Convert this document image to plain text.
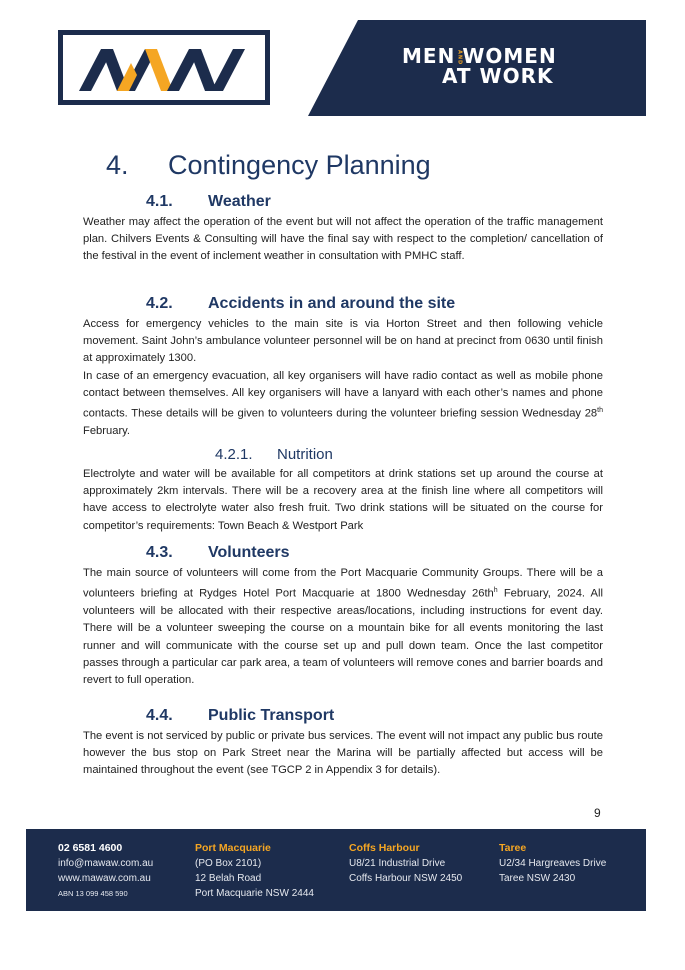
MENANDWOMEN
AT WORK
4. Contingency Planning
4.1. Weather
Weather may affect the operation of the event but will not affect the operation of the traffic management plan. Chilvers Events & Consulting will have the final say with respect to the completion/ cancellation of the festival in the event of inclement weather in consultation with PMHC staff.
4.2. Accidents in and around the site
Access for emergency vehicles to the main site is via Horton Street and then following vehicle movement. Saint John’s ambulance volunteer personnel will be on hand at precinct from 0630 until finish at approximately 1300.
In case of an emergency evacuation, all key organisers will have radio contact as well as mobile phone contact between themselves. All key organisers will have a lanyard with each other’s names and phone contacts. These details will be given to volunteers during the volunteer briefing session Wednesday 28th February.
4.2.1. Nutrition
Electrolyte and water will be available for all competitors at drink stations set up around the course at approximately 2km intervals. There will be a recovery area at the finish line where all competitors will have access to electrolyte water also fresh fruit. Two drink stations will be situated on the course for competitor’s requirements: Town Beach & Westport Park
4.3. Volunteers
The main source of volunteers will come from the Port Macquarie Community Groups. There will be a volunteers briefing at Rydges Hotel Port Macquarie at 1800 Wednesday $26th^h$ February, 2024. All volunteers will be allocated with their respective areas/locations, including instructions for event day. There will be a volunteer sweeping the course on a mountain bike for all events monitoring the last runner and will communicate with the course set up and pull down team. Once the last competitor passes through a particular car park area, a team of volunteers will remove cones and barrier boards and revert to full operation.
4.4. Public Transport
The event is not serviced by public or private bus services. The event will not impact any public bus route however the bus stop on Park Street near the Marina will be partially affected but access will be maintained throughout the event (see TGCP 2 in Appendix 3 for details).
9
02 6581 4600
info@mawaw.com.au
www.mawaw.com.au
ABN 13 099 458 590
Port Macquarie
(PO Box 2101)
12 Belah Road
Port Macquarie NSW 2444
Coffs Harbour
U8/21 Industrial Drive
Coffs Harbour NSW 2450
Taree
U2/34 Hargreaves Drive
Taree NSW 2430
